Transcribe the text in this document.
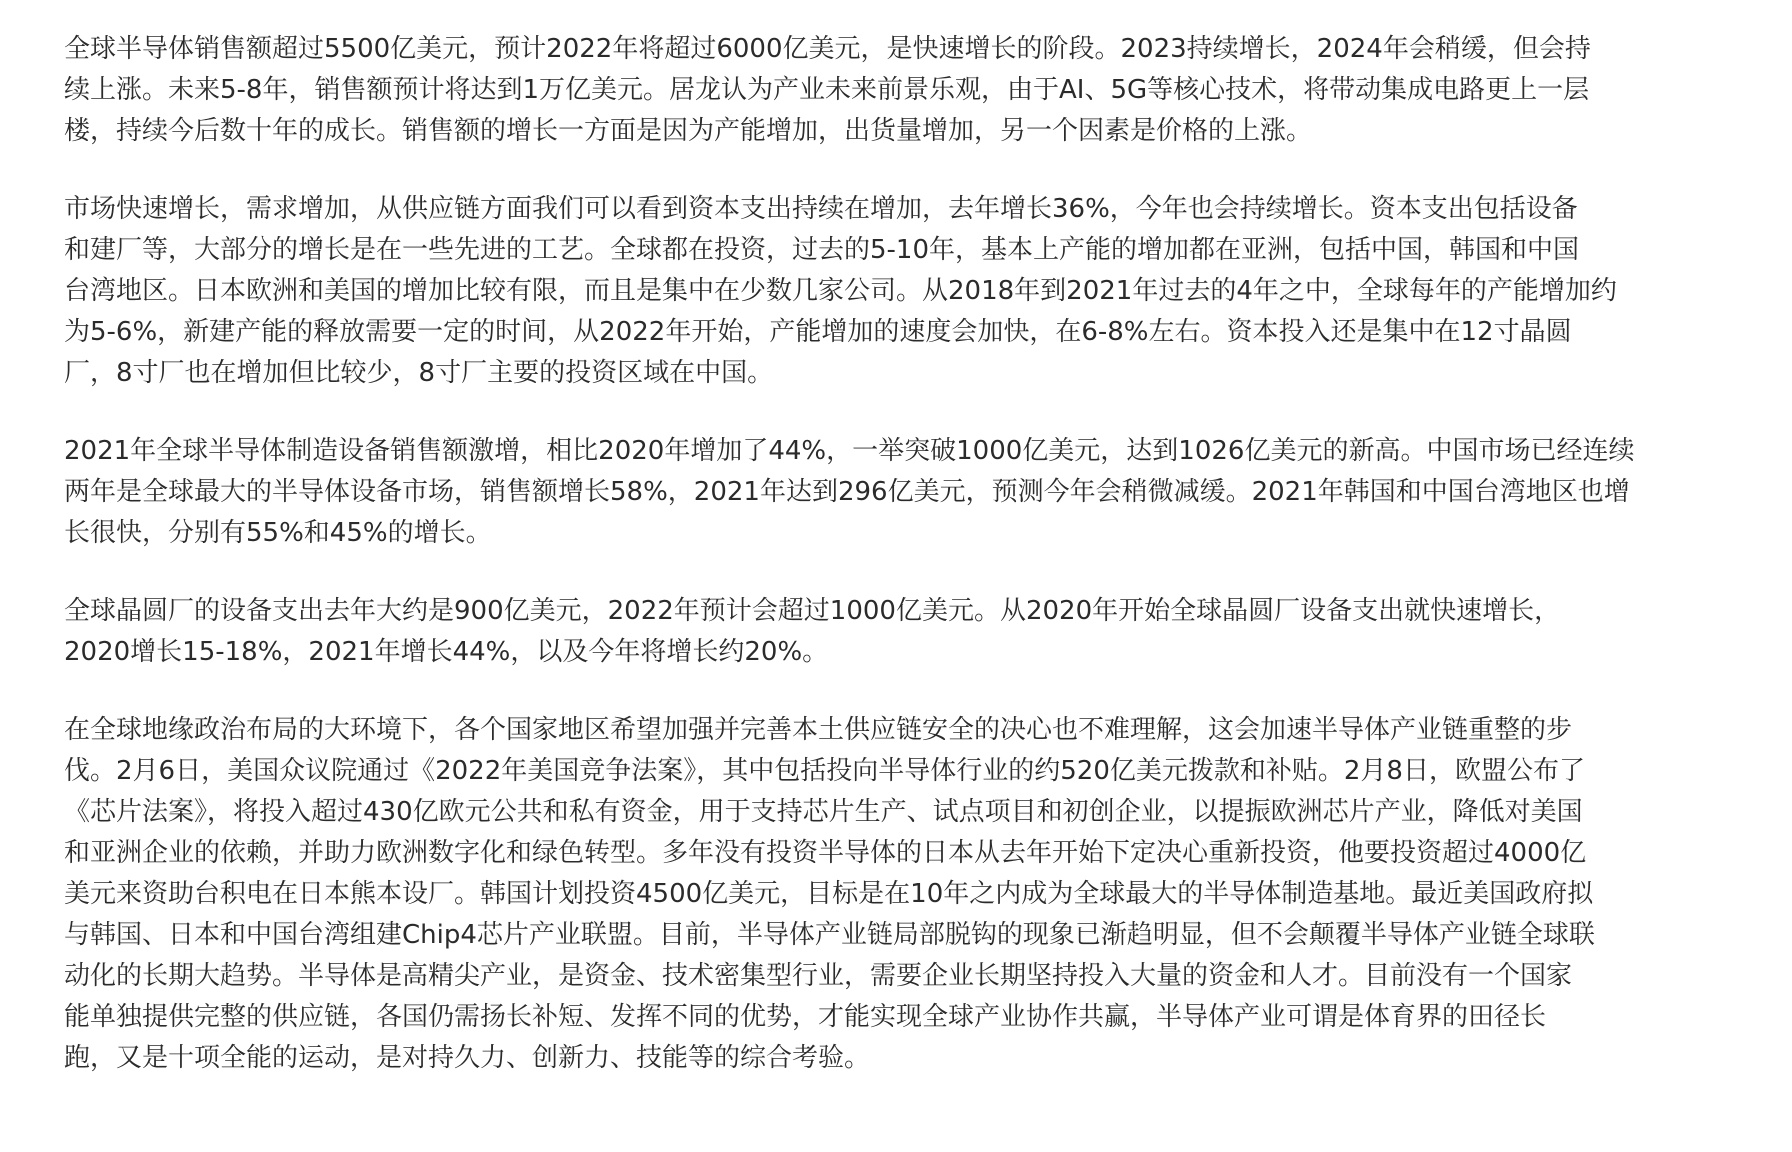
全球半导体销售额超过5500亿美元，预计2022年将超过6000亿美元，是快速增长的阶段。2023持续增长，2024年会稍缓，但会持
续上涨。未来5-8年，销售额预计将达到1万亿美元。居龙认为产业未来前景乐观，由于AI、5G等核心技术，将带动集成电路更上一层
楼，持续今后数十年的成长。销售额的增长一方面是因为产能增加，出货量增加，另一个因素是价格的上涨。
市场快速增长，需求增加，从供应链方面我们可以看到资本支出持续在增加，去年增长36%，今年也会持续增长。资本支出包括设备
和建厂等，大部分的增长是在一些先进的工艺。全球都在投资，过去的5-10年，基本上产能的增加都在亚洲，包括中国，韩国和中国
台湾地区。日本欧洲和美国的增加比较有限，而且是集中在少数几家公司。从2018年到2021年过去的4年之中，全球每年的产能增加约
为5-6%，新建产能的释放需要一定的时间，从2022年开始，产能增加的速度会加快，在6-8%左右。资本投入还是集中在12寸晶圆
厂，8寸厂也在增加但比较少，8寸厂主要的投资区域在中国。
2021年全球半导体制造设备销售额激增，相比2020年增加了44%，一举突破1000亿美元，达到1026亿美元的新高。中国市场已经连续
两年是全球最大的半导体设备市场，销售额增长58%，2021年达到296亿美元，预测今年会稍微减缓。2021年韩国和中国台湾地区也增
长很快，分别有55%和45%的增长。
全球晶圆厂的设备支出去年大约是900亿美元，2022年预计会超过1000亿美元。从2020年开始全球晶圆厂设备支出就快速增长，
2020增长15-18%，2021年增长44%，以及今年将增长约20%。
在全球地缘政治布局的大环境下，各个国家地区希望加强并完善本土供应链安全的决心也不难理解，这会加速半导体产业链重整的步
伐。2月6日，美国众议院通过《2022年美国竞争法案》，其中包括投向半导体行业的约520亿美元拨款和补贴。2月8日，欧盟公布了
《芯片法案》，将投入超过430亿欧元公共和私有资金，用于支持芯片生产、试点项目和初创企业，以提振欧洲芯片产业，降低对美国
和亚洲企业的依赖，并助力欧洲数字化和绿色转型。多年没有投资半导体的日本从去年开始下定决心重新投资，他要投资超过4000亿
美元来资助台积电在日本熊本设厂。韩国计划投资4500亿美元，目标是在10年之内成为全球最大的半导体制造基地。最近美国政府拟
与韩国、日本和中国台湾组建Chip4芯片产业联盟。目前，半导体产业链局部脱钩的现象已渐趋明显，但不会颠覆半导体产业链全球联
动化的长期大趋势。半导体是高精尖产业，是资金、技术密集型行业，需要企业长期坚持投入大量的资金和人才。目前没有一个国家
能单独提供完整的供应链，各国仍需扬长补短、发挥不同的优势，才能实现全球产业协作共赢，半导体产业可谓是体育界的田径长
跑，又是十项全能的运动，是对持久力、创新力、技能等的综合考验。
